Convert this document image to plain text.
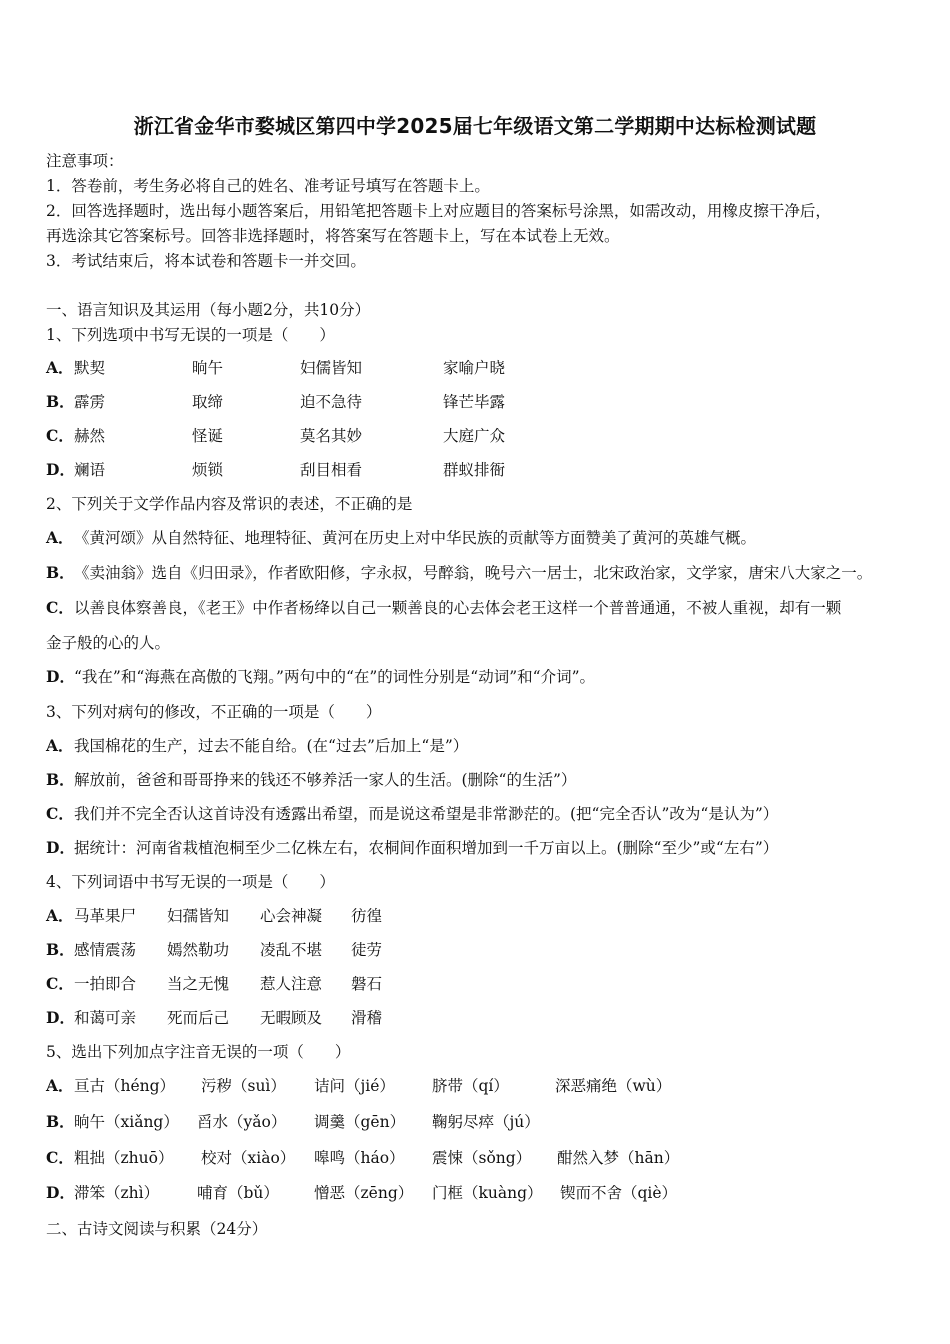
浙江省金华市婺城区第四中学2025届七年级语文第二学期期中达标检测试题
注意事项：
1．答卷前，考生务必将自己的姓名、准考证号填写在答题卡上。
2．回答选择题时，选出每小题答案后，用铅笔把答题卡上对应题目的答案标号涂黑，如需改动，用橡皮擦干净后，
再选涂其它答案标号。回答非选择题时，将答案写在答题卡上，写在本试卷上无效。
3．考试结束后，将本试卷和答题卡一并交回。
一、语言知识及其运用（每小题2分，共10分）
1、下列选项中书写无误的一项是（　　）
A． 默契	晌午	妇儒皆知	家喻户晓
B． 霹雳	取缔	迫不急待	锋芒毕露
C． 赫然	怪诞	莫名其妙	大庭广众
D． 斓语	烦锁	刮目相看	群蚁排衙
2、下列关于文学作品内容及常识的表述，不正确的是
A． 《黄河颂》从自然特征、地理特征、黄河在历史上对中华民族的贡献等方面赞美了黄河的英雄气概。
B． 《卖油翁》选自《归田录》，作者欧阳修，字永叔，号醉翁，晚号六一居士，北宋政治家，文学家，唐宋八大家之一。
C． 以善良体察善良，《老王》中作者杨绛以自己一颗善良的心去体会老王这样一个普普通通，不被人重视，却有一颗
金子般的心的人。
D． “我在”和“海燕在高傲的飞翔。”两句中的“在”的词性分别是“动词”和“介词”。
3、下列对病句的修改，不正确的一项是（　　）
A． 我国棉花的生产，过去不能自给。(在“过去”后加上“是”）
B． 解放前，爸爸和哥哥挣来的钱还不够养活一家人的生活。(删除“的生活”）
C． 我们并不完全否认这首诗没有透露出希望，而是说这希望是非常渺茫的。(把“完全否认”改为“是认为”）
D． 据统计：河南省栽植泡桐至少二亿株左右，农桐间作面积增加到一千万亩以上。(删除“至少”或“左右”）
4、下列词语中书写无误的一项是（　　）
A． 马革果尸 妇孺皆知 心会神凝 彷徨
B． 感情震荡 嫣然勒功 凌乱不堪 徒劳
C． 一拍即合 当之无愧 惹人注意 磐石
D． 和蔼可亲 死而后己 无暇顾及 滑稽
5、选出下列加点字注音无误的一项（　　）
A． 亘古（héng） 污秽（suì） 诘问（jié） 脐带（qí）	深恶痛绝（wù）
B． 晌午（xiǎng） 舀水（yǎo） 调羹（gēn） 鞠躬尽瘁（jú）
C． 粗拙（zhuō） 校对（xiào） 嗥鸣（háo） 震悚（sǒng） 酣然入梦（hān）
D． 滞笨（zhì） 哺育（bǔ） 憎恶（zēng） 门框（kuàng） 锲而不舍（qiè）
二、古诗文阅读与积累（24分）
